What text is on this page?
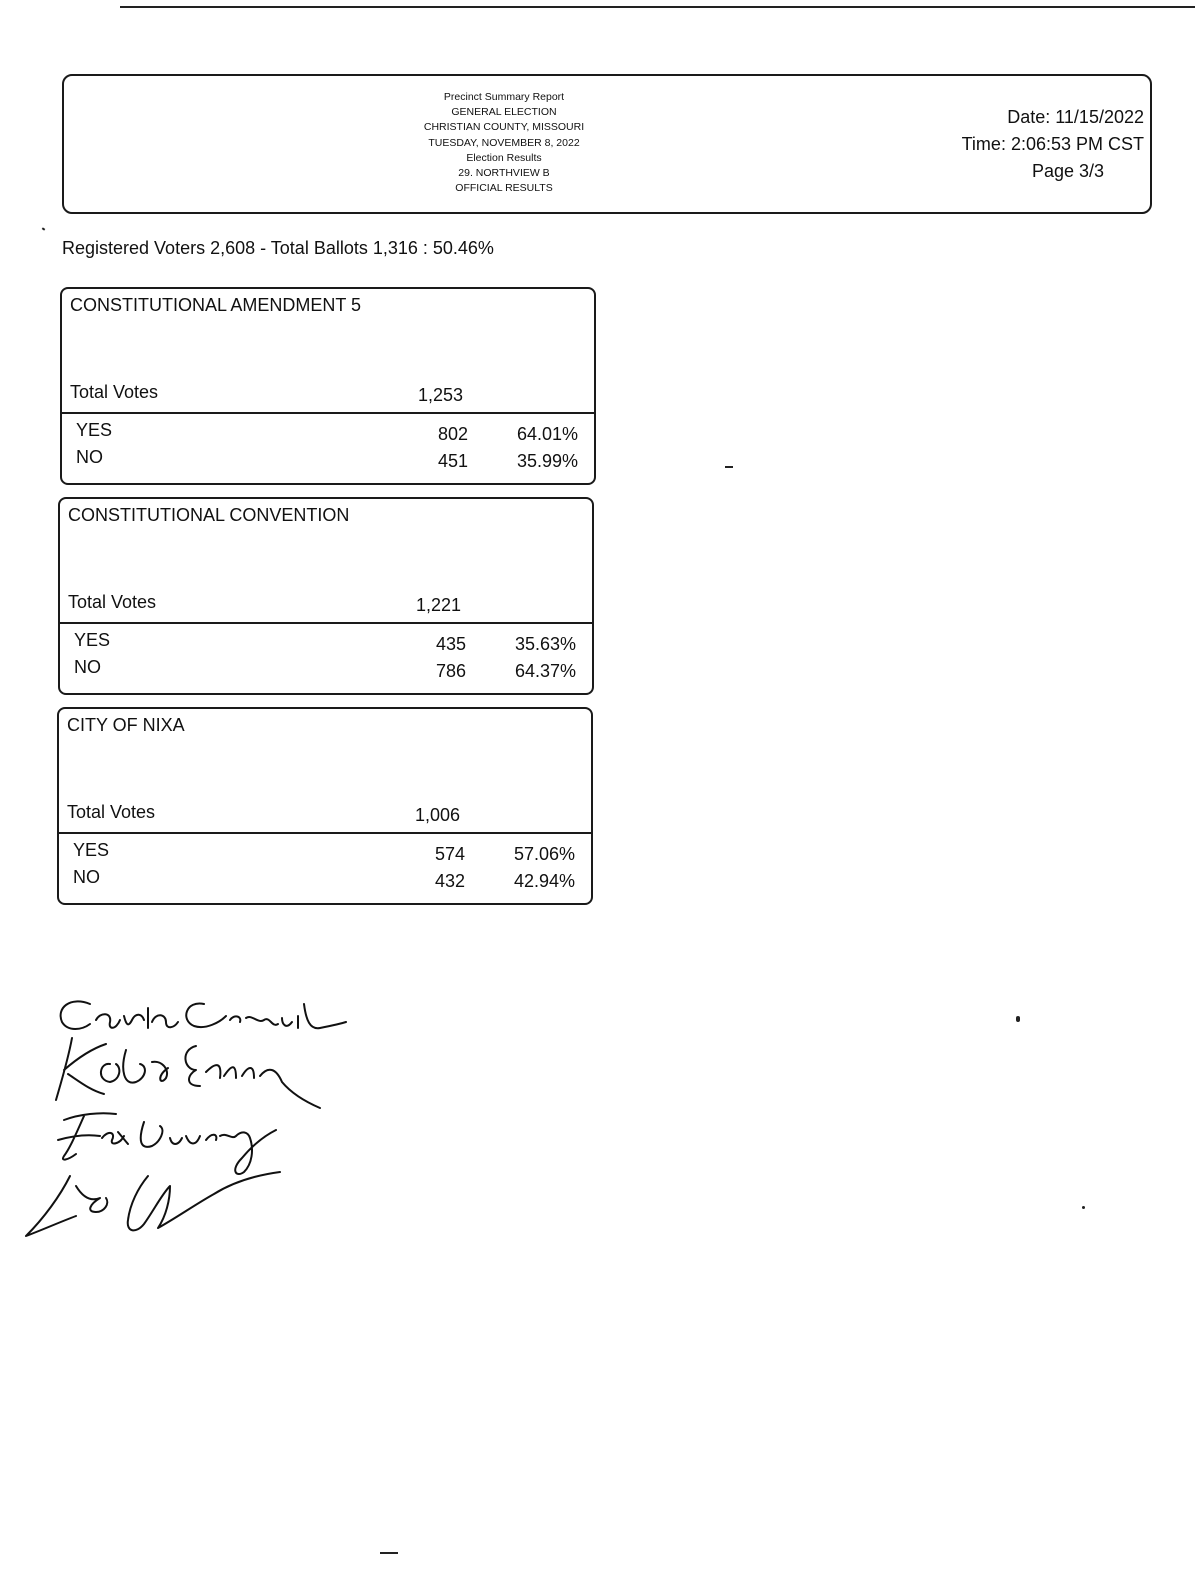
Precinct Summary Report
GENERAL ELECTION
CHRISTIAN COUNTY, MISSOURI
TUESDAY, NOVEMBER 8, 2022
Election Results
29. NORTHVIEW B
OFFICIAL RESULTS
Date: 11/15/2022
Time: 2:06:53 PM CST
Page 3/3
Registered Voters 2,608 - Total Ballots 1,316 : 50.46%
CONSTITUTIONAL AMENDMENT 5
Total Votes	1,253
YES	802	64.01%
NO	451	35.99%
CONSTITUTIONAL CONVENTION
Total Votes	1,221
YES	435	35.63%
NO	786	64.37%
CITY OF NIXA
Total Votes	1,006
YES	574	57.06%
NO	432	42.94%
